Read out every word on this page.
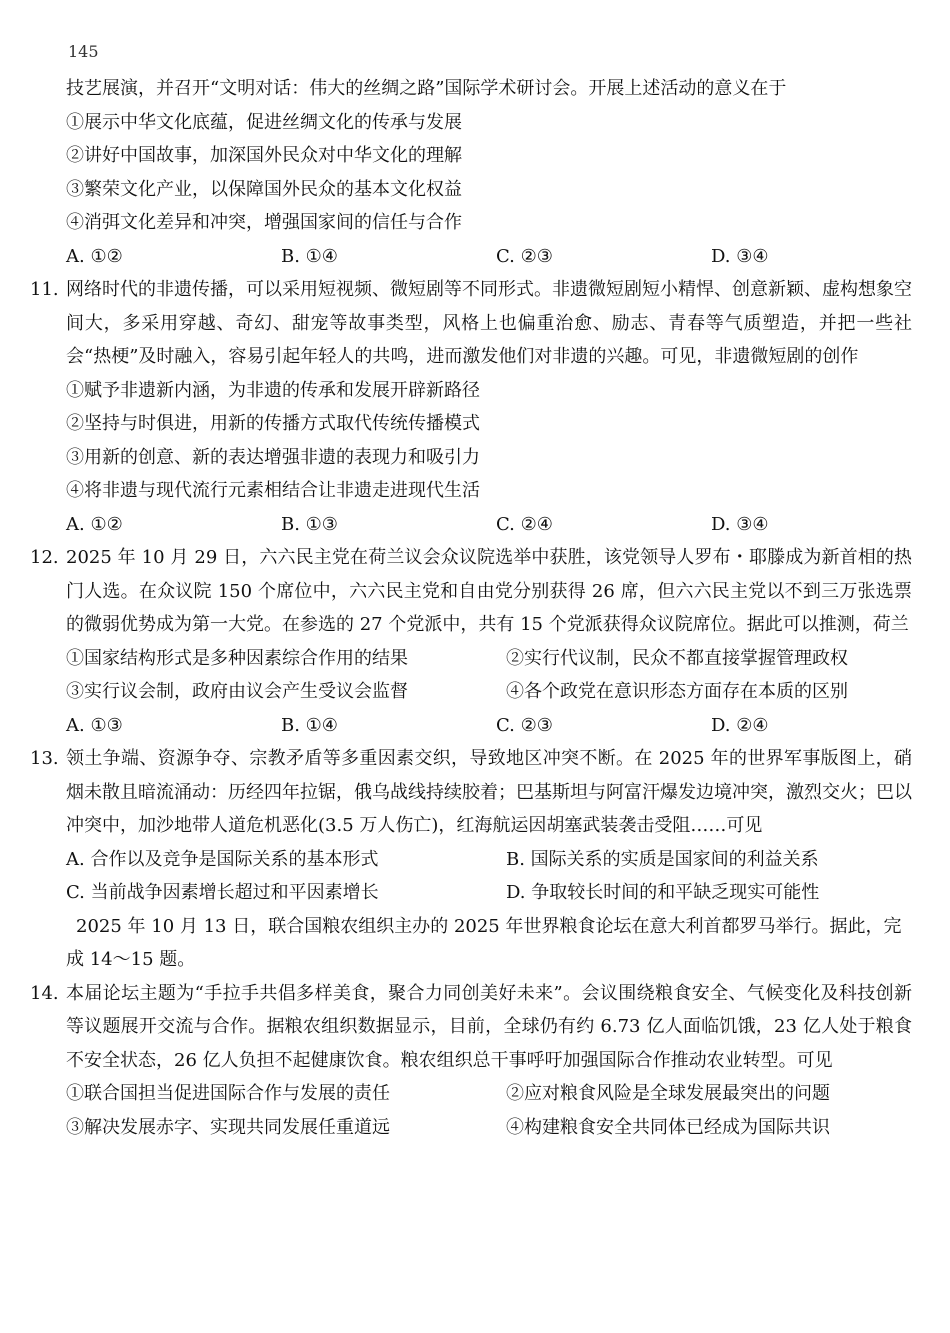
145
技艺展演，并召开“文明对话：伟大的丝绸之路”国际学术研讨会。开展上述活动的意义在于
①展示中华文化底蕴，促进丝绸文化的传承与发展
②讲好中国故事，加深国外民众对中华文化的理解
③繁荣文化产业，以保障国外民众的基本文化权益
④消弭文化差异和冲突，增强国家间的信任与合作
A. ①②	B. ①④	C. ②③	D. ③④
11. 网络时代的非遗传播，可以采用短视频、微短剧等不同形式。非遗微短剧短小精悍、创意新颖、虚构想象空间大，多采用穿越、奇幻、甜宠等故事类型，风格上也偏重治愈、励志、青春等气质塑造，并把一些社会“热梗”及时融入，容易引起年轻人的共鸣，进而激发他们对非遗的兴趣。可见，非遗微短剧的创作
①赋予非遗新内涵，为非遗的传承和发展开辟新路径
②坚持与时俱进，用新的传播方式取代传统传播模式
③用新的创意、新的表达增强非遗的表现力和吸引力
④将非遗与现代流行元素相结合让非遗走进现代生活
A. ①②	B. ①③	C. ②④	D. ③④
12. 2025 年 10 月 29 日，六六民主党在荷兰议会众议院选举中获胜，该党领导人罗布・耶滕成为新首相的热门人选。在众议院 150 个席位中，六六民主党和自由党分别获得 26 席，但六六民主党以不到三万张选票的微弱优势成为第一大党。在参选的 27 个党派中，共有 15 个党派获得众议院席位。据此可以推测，荷兰
①国家结构形式是多种因素综合作用的结果	②实行代议制，民众不都直接掌握管理政权
③实行议会制，政府由议会产生受议会监督	④各个政党在意识形态方面存在本质的区别
A. ①③	B. ①④	C. ②③	D. ②④
13. 领土争端、资源争夺、宗教矛盾等多重因素交织，导致地区冲突不断。在 2025 年的世界军事版图上，硝烟未散且暗流涌动：历经四年拉锯，俄乌战线持续胶着；巴基斯坦与阿富汗爆发边境冲突，激烈交火；巴以冲突中，加沙地带人道危机恶化(3.5 万人伤亡)，红海航运因胡塞武装袭击受阻……可见
A. 合作以及竞争是国际关系的基本形式	B. 国际关系的实质是国家间的利益关系
C. 当前战争因素增长超过和平因素增长	D. 争取较长时间的和平缺乏现实可能性
2025 年 10 月 13 日，联合国粮农组织主办的 2025 年世界粮食论坛在意大利首都罗马举行。据此，完
成 14～15 题。
14. 本届论坛主题为“手拉手共倡多样美食，聚合力同创美好未来”。会议围绕粮食安全、气候变化及科技创新等议题展开交流与合作。据粮农组织数据显示，目前，全球仍有约 6.73 亿人面临饥饿，23 亿人处于粮食不安全状态，26 亿人负担不起健康饮食。粮农组织总干事呼吁加强国际合作推动农业转型。可见
①联合国担当促进国际合作与发展的责任	②应对粮食风险是全球发展最突出的问题
③解决发展赤字、实现共同发展任重道远	④构建粮食安全共同体已经成为国际共识
